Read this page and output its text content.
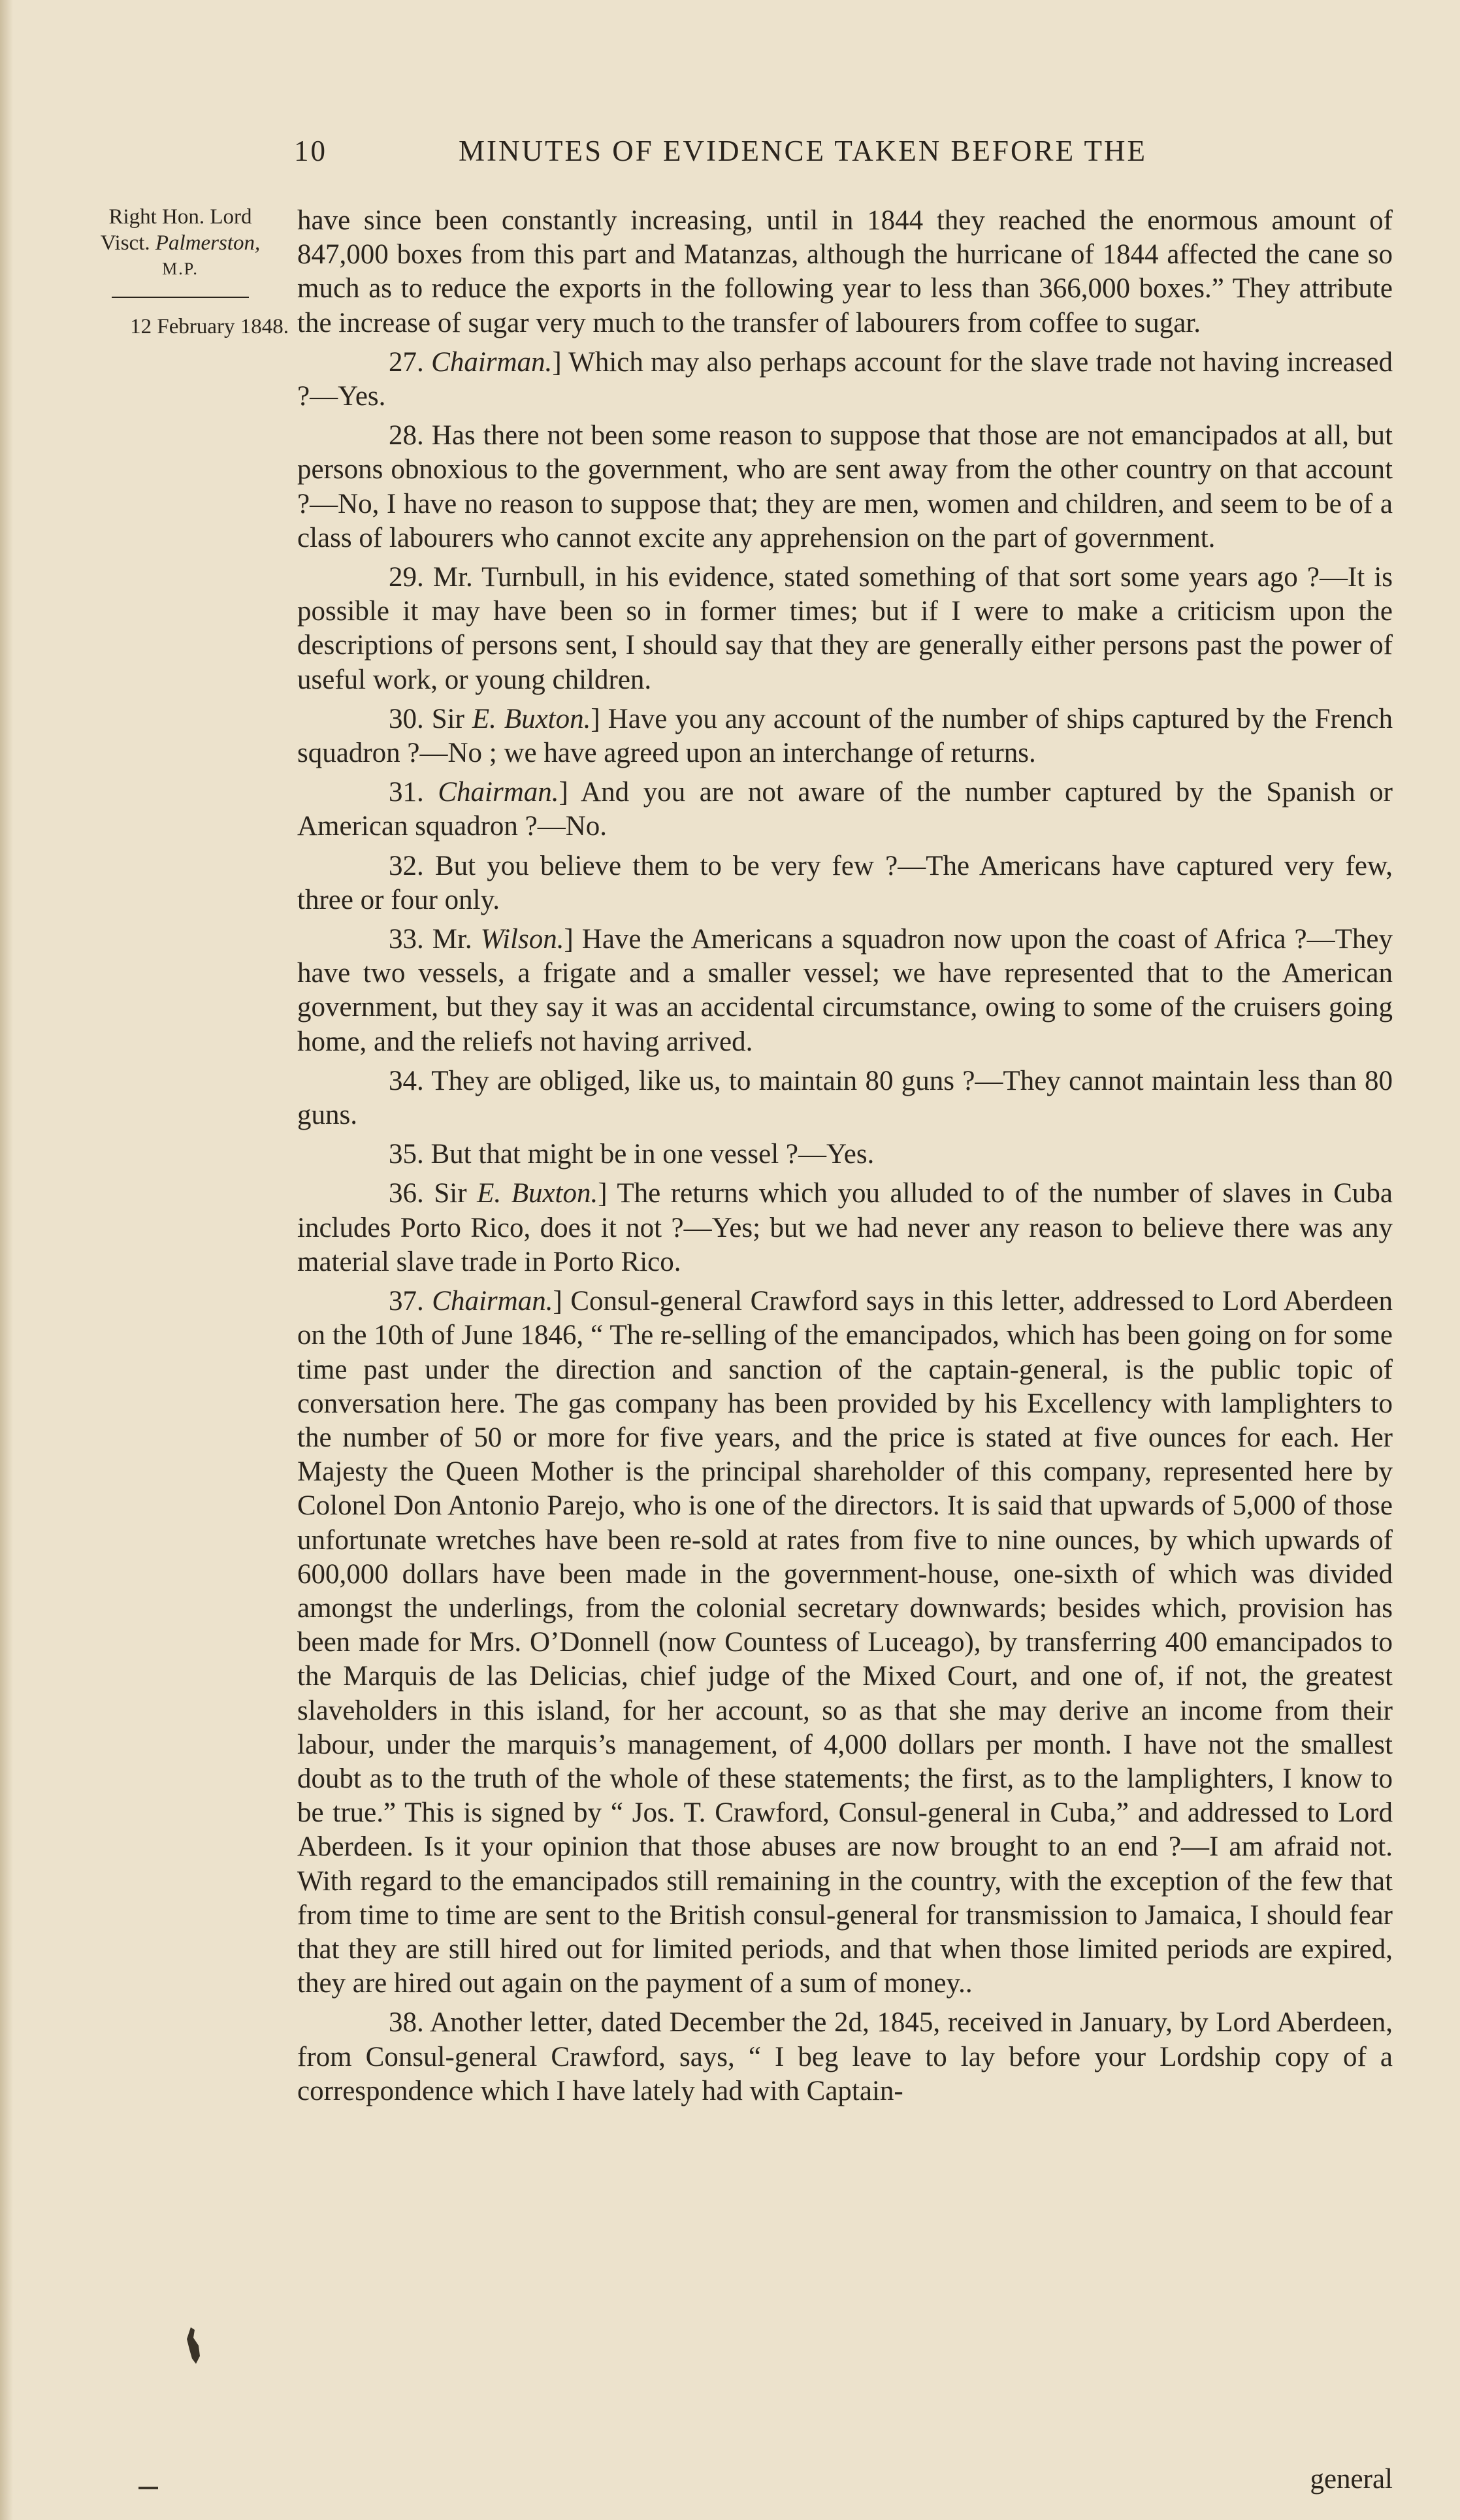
10	MINUTES OF EVIDENCE TAKEN BEFORE THE
Right Hon. Lord
Visct. Palmerston,
M.P.
12 February 1848.

have since been constantly increasing, until in 1844 they reached the enormous amount of 847,000 boxes from this part and Matanzas, although the hurricane of 1844 affected the cane so much as to reduce the exports in the following year to less than 366,000 boxes.” They attribute the increase of sugar very much to the transfer of labourers from coffee to sugar.

27. Chairman.] Which may also perhaps account for the slave trade not having increased ?—Yes.

28. Has there not been some reason to suppose that those are not emancipados at all, but persons obnoxious to the government, who are sent away from the other country on that account ?—No, I have no reason to suppose that; they are men, women and children, and seem to be of a class of labourers who cannot excite any apprehension on the part of government.

29. Mr. Turnbull, in his evidence, stated something of that sort some years ago ?—It is possible it may have been so in former times; but if I were to make a criticism upon the descriptions of persons sent, I should say that they are generally either persons past the power of useful work, or young children.

30. Sir E. Buxton.] Have you any account of the number of ships captured by the French squadron ?—No ; we have agreed upon an interchange of returns.

31. Chairman.] And you are not aware of the number captured by the Spanish or American squadron ?—No.

32. But you believe them to be very few ?—The Americans have captured very few, three or four only.

33. Mr. Wilson.] Have the Americans a squadron now upon the coast of Africa ?—They have two vessels, a frigate and a smaller vessel; we have represented that to the American government, but they say it was an accidental circumstance, owing to some of the cruisers going home, and the reliefs not having arrived.

34. They are obliged, like us, to maintain 80 guns ?—They cannot maintain less than 80 guns.

35. But that might be in one vessel ?—Yes.

36. Sir E. Buxton.] The returns which you alluded to of the number of slaves in Cuba includes Porto Rico, does it not ?—Yes; but we had never any reason to believe there was any material slave trade in Porto Rico.

37. Chairman.] Consul-general Crawford says in this letter, addressed to Lord Aberdeen on the 10th of June 1846, “ The re-selling of the emancipados, which has been going on for some time past under the direction and sanction of the captain-general, is the public topic of conversation here. The gas company has been provided by his Excellency with lamplighters to the number of 50 or more for five years, and the price is stated at five ounces for each. Her Majesty the Queen Mother is the principal shareholder of this company, represented here by Colonel Don Antonio Parejo, who is one of the directors. It is said that upwards of 5,000 of those unfortunate wretches have been re-sold at rates from five to nine ounces, by which upwards of 600,000 dollars have been made in the government-house, one-sixth of which was divided amongst the underlings, from the colonial secretary downwards; besides which, provision has been made for Mrs. O’Donnell (now Countess of Luceago), by transferring 400 emancipados to the Marquis de las Delicias, chief judge of the Mixed Court, and one of, if not, the greatest slaveholders in this island, for her account, so as that she may derive an income from their labour, under the marquis’s management, of 4,000 dollars per month. I have not the smallest doubt as to the truth of the whole of these statements; the first, as to the lamplighters, I know to be true.” This is signed by “ Jos. T. Crawford, Consul-general in Cuba,” and addressed to Lord Aberdeen. Is it your opinion that those abuses are now brought to an end ?—I am afraid not. With regard to the emancipados still remaining in the country, with the exception of the few that from time to time are sent to the British consul-general for transmission to Jamaica, I should fear that they are still hired out for limited periods, and that when those limited periods are expired, they are hired out again on the payment of a sum of money..

38. Another letter, dated December the 2d, 1845, received in January, by Lord Aberdeen, from Consul-general Crawford, says, “ I beg leave to lay before your Lordship copy of a correspondence which I have lately had with Captain-

general
